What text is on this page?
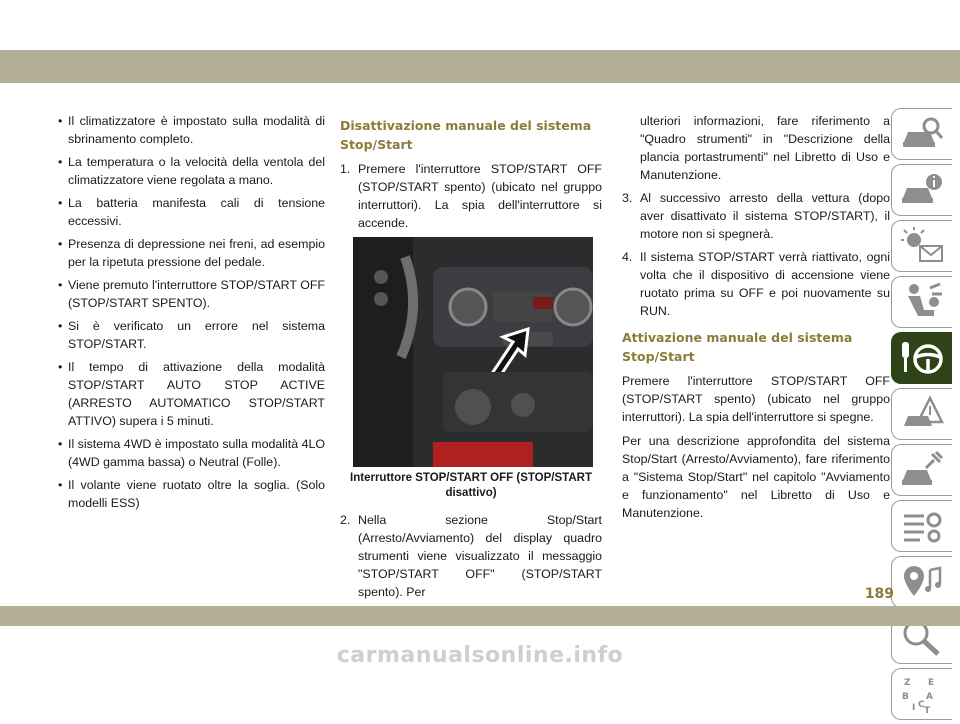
• Il climatizzatore è impostato sulla modalità di sbrinamento completo.
• La temperatura o la velocità della ventola del climatizzatore viene regolata a mano.
• La batteria manifesta cali di tensione eccessivi.
• Presenza di depressione nei freni, ad esempio per la ripetuta pressione del pedale.
• Viene premuto l'interruttore STOP/START OFF (STOP/START SPENTO).
• Si è verificato un errore nel sistema STOP/START.
• Il tempo di attivazione della modalità STOP/START AUTO STOP ACTIVE (ARRESTO AUTOMATICO STOP/START ATTIVO) supera i 5 minuti.
• Il sistema 4WD è impostato sulla modalità 4LO (4WD gamma bassa) o Neutral (Folle).
• Il volante viene ruotato oltre la soglia. (Solo modelli ESS)
Disattivazione manuale del sistema Stop/Start
1. Premere l'interruttore STOP/START OFF (STOP/START spento) (ubicato nel gruppo interruttori). La spia dell'interruttore si accende.
Interruttore STOP/START OFF (STOP/START disattivo)
2. Nella sezione Stop/Start (Arresto/Avviamento) del display quadro strumenti viene visualizzato il messaggio "STOP/START OFF" (STOP/START spento). Per
ulteriori informazioni, fare riferimento a "Quadro strumenti" in "Descrizione della plancia portastrumenti" nel Libretto di Uso e Manutenzione.
3. Al successivo arresto della vettura (dopo aver disattivato il sistema STOP/START), il motore non si spegnerà.
4. Il sistema STOP/START verrà riattivato, ogni volta che il dispositivo di accensione viene ruotato prima su OFF e poi nuovamente su RUN.
Attivazione manuale del sistema Stop/Start
Premere l'interruttore STOP/START OFF (STOP/START spento) (ubicato nel gruppo interruttori). La spia dell'interruttore si spegne.
Per una descrizione approfondita del sistema Stop/Start (Arresto/Avviamento), fare riferimento a "Sistema Stop/Start" nel capitolo "Avviamento e funzionamento" nel Libretto di Uso e Manutenzione.
Z E
B A
I C
T
189
carmanualsonline.info
